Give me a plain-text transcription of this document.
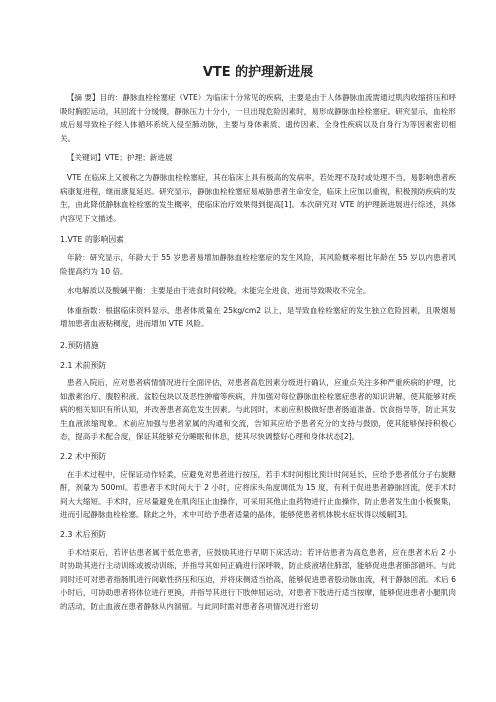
VTE 的护理新进展

【摘 要】目的：静脉血栓栓塞症（VTE）为临床十分常见的疾病，主要是由于人体静脉血流需通过肌肉收缩挤压和呼吸时胸腔运动，其回流十分缓慢，静脉压力十分小，一旦出现危险因素时，易形成静脉血栓栓塞症。研究显示，血栓形成后易导致栓子经人体循环系统入侵至肺动脉，主要与身体素质、遗传因素、全身性疾病以及自身行为等因素密切相关。

【关键词】VTE；护理；新进展

VTE 在临床上又被称之为静脉血栓栓塞症，其在临床上具有极高的发病率，若处理不及时或处理不当，易影响患者疾病康复进程，继而康复延迟。研究显示，静脉血栓栓塞症易威胁患者生命安全，临床上应加以重视，积极预防疾病的发生，由此降低静脉血栓栓塞的发生概率，使临床治疗效果得到提高[1]。本次研究对 VTE 的护理新进展进行综述，具体内容见下文描述。

1.VTE 的影响因素

年龄：研究显示，年龄大于 55 岁患者易增加静脉血栓栓塞症的发生风险，其风险概率相比年龄在 55 岁以内患者风险提高约为 10 倍。

水电解质以及酸碱平衡：主要是由于进食时间较晚，未能完全进食，进而导致吸收不完全。

体重指数：根据临床资料显示，患者体质量在 25kg/cm2 以上，是导致血栓栓塞症的发生独立危险因素，且吸烟易增加患者血液粘稠度，进而增加 VTE 风险。

2.预防措施

2.1 术前预防

患者入院后，应对患者病情情况进行全面评估，对患者高危因素分级进行确认，应重点关注多种严重疾病的护理，比如激素治疗、腹腔积液、盆腔包块以及恶性肿瘤等疾病，并加强对每位静脉血栓栓塞症患者的知识讲解，使其能够对疾病的相关知识有所认知，并改善患者高危发生因素。与此同时，术前应积极做好患者肠道准备、饮食指导等，防止其发生血液浓缩现象。术前应加强与患者家属的沟通和交流，告知其应给予患者充分的支持与鼓励，使其能够保持积极心态，提高手术配合度，保证其能够充分睡眠和休息，使其尽快调整好心理和身体状态[2]。

2.2 术中预防

在手术过程中，应保证动作轻柔，应避免对患者进行按压，若手术时间相比预计时间延长，应给予患者低分子右旋糖酐，剂量为 500ml。若患者手术时间大于 2 小时，应将床头角度调低为 15 度，有利于促进患者静脉回流，使手术时间大大缩短。手术时，应尽量避免在肌肉压止血操作，可采用其他止血药物进行止血操作，防止患者发生血小板聚集，进而引起静脉血栓栓塞。除此之外，术中可给予患者适量的晶体，能够使患者机体脱水症状得以缓解[3]。

2.3 术后预防

手术结束后，若评估患者属于低危患者，应鼓励其进行早期下床活动；若评估患者为高危患者，应在患者术后 2 小时协助其进行主动训练或被动训练，并指导其如何正确进行深呼吸，防止痰液堵住肺部，能够促进患者肺部循环。与此同时还可对患者指肠肌进行间歇性挤压和压迫，并将床侧适当抬高，能够促进患者股动脉血流，利于静脉回流。术后 6 小时后，可协助患者将体位进行更换，并指导其进行下肢伸屈运动，对患者下肢进行适当按摩，能够促进患者小腿肌肉的活动，防止血液在患者静脉从内溜留。与此同时需对患者各项情况进行密切
